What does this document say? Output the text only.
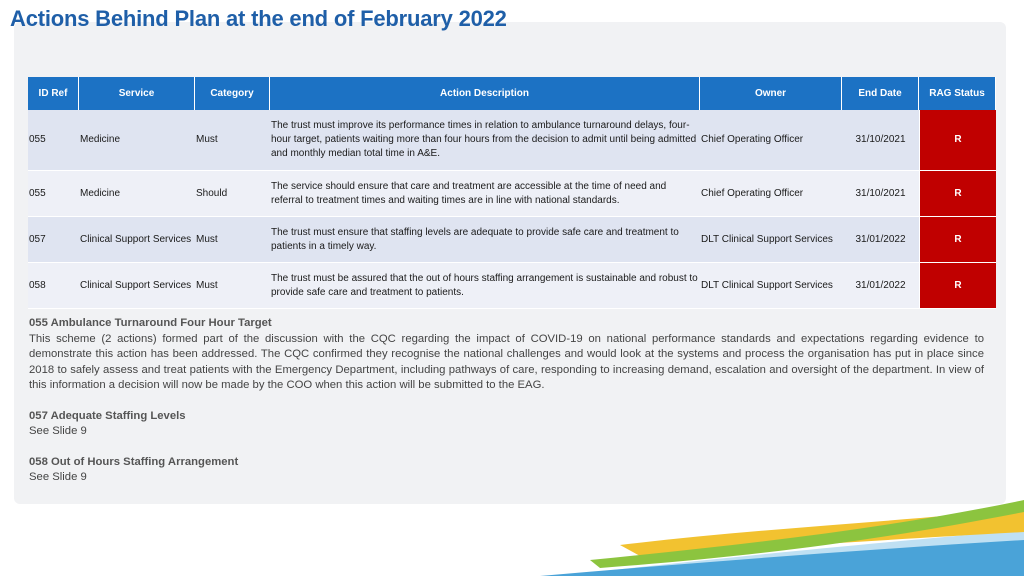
Actions Behind Plan at the end of February 2022
ID Ref	Service	Category	Action Description	Owner	End Date	RAG Status
055	Medicine	Must	The trust must improve its performance times in relation to ambulance turnaround delays, four-hour target, patients waiting more than four hours from the decision to admit until being admitted and monthly median total time in A&E.	Chief Operating Officer	31/10/2021	R
055	Medicine	Should	The service should ensure that care and treatment are accessible at the time of need and referral to treatment times and waiting times are in line with national standards.	Chief Operating Officer	31/10/2021	R
057	Clinical Support Services	Must	The trust must ensure that staffing levels are adequate to provide safe care and treatment to patients in a timely way.	DLT Clinical Support Services	31/01/2022	R
058	Clinical Support Services	Must	The trust must be assured that the out of hours staffing arrangement is sustainable and robust to provide safe care and treatment to patients.	DLT Clinical Support Services	31/01/2022	R

055 Ambulance Turnaround Four Hour Target

This scheme (2 actions) formed part of the discussion with the CQC regarding the impact of COVID-19 on national performance standards and expectations regarding evidence to demonstrate this action has been addressed. The CQC confirmed they recognise the national challenges and would look at the systems and process the organisation has put in place since 2018 to safely assess and treat patients with the Emergency Department, including pathways of care, responding to increasing demand, escalation and oversight of the department. In view of this information a decision will now be made by the COO when this action will be submitted to the EAG.

057 Adequate Staffing Levels

See Slide 9

058 Out of Hours Staffing Arrangement

See Slide 9
